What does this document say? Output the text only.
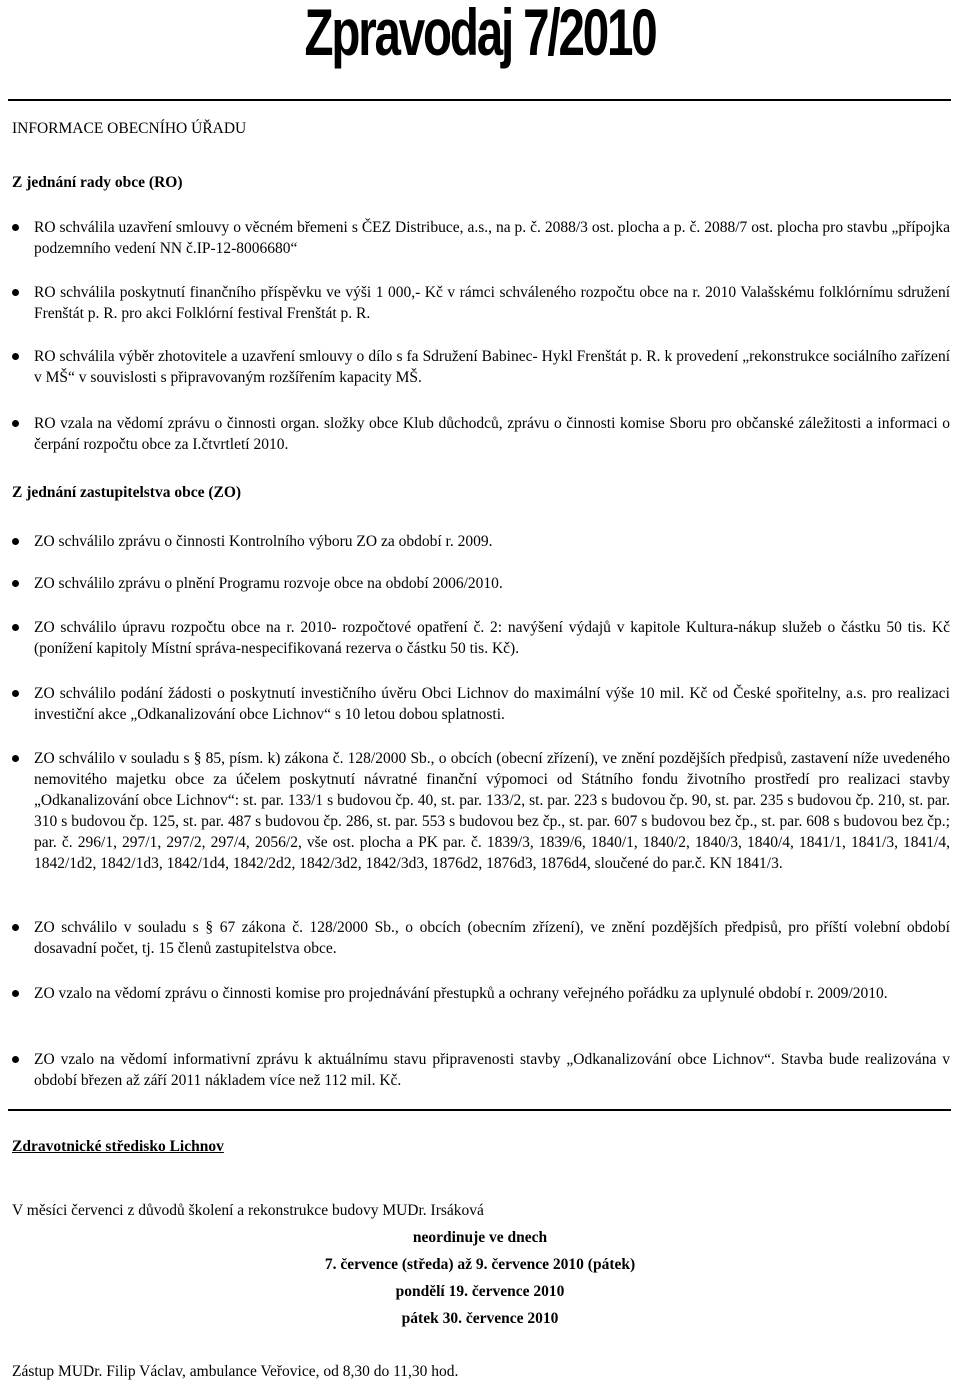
Zpravodaj 7/2010
INFORMACE OBECNÍHO ÚŘADU
Z jednání rady obce (RO)
RO schválila uzavření smlouvy o věcném břemeni s ČEZ Distribuce, a.s., na p. č. 2088/3 ost. plocha a p. č. 2088/7 ost. plocha pro stavbu „přípojka podzemního vedení NN č.IP-12-8006680“
RO schválila poskytnutí finančního příspěvku ve výši 1 000,- Kč v rámci schváleného rozpočtu obce na r. 2010 Valašskému folklórnímu sdružení Frenštát p. R. pro akci Folklórní festival Frenštát p. R.
RO schválila výběr zhotovitele a uzavření smlouvy o dílo s fa Sdružení Babinec- Hykl Frenštát p. R. k provedení „rekonstrukce sociálního zařízení v MŠ“ v souvislosti s připravovaným rozšířením kapacity MŠ.
RO vzala na vědomí zprávu o činnosti organ. složky obce Klub důchodců, zprávu o činnosti komise Sboru pro občanské záležitosti a informaci o čerpání rozpočtu obce za I.čtvrtletí 2010.
Z jednání zastupitelstva obce (ZO)
ZO schválilo zprávu o činnosti Kontrolního výboru ZO za období r. 2009.
ZO schválilo zprávu o plnění Programu rozvoje obce na období 2006/2010.
ZO schválilo úpravu rozpočtu obce na r. 2010- rozpočtové opatření č. 2: navýšení výdajů v kapitole Kultura-nákup služeb o částku 50 tis. Kč (ponížení kapitoly Místní správa-nespecifikovaná rezerva o částku 50 tis. Kč).
ZO schválilo podání žádosti o poskytnutí investičního úvěru Obci Lichnov do maximální výše 10 mil. Kč od České spořitelny, a.s. pro realizaci investiční akce „Odkanalizování obce Lichnov“ s 10 letou dobou splatnosti.
ZO schválilo v souladu s § 85, písm. k) zákona č. 128/2000 Sb., o obcích (obecní zřízení), ve znění pozdějších předpisů, zastavení níže uvedeného nemovitého majetku obce za účelem poskytnutí návratné finanční výpomoci od Státního fondu životního prostředí pro realizaci stavby „Odkanalizování obce Lichnov“: st. par. 133/1 s budovou čp. 40, st. par. 133/2, st. par. 223 s budovou čp. 90, st. par. 235 s budovou čp. 210, st. par. 310 s budovou čp. 125, st. par. 487 s budovou čp. 286, st. par. 553 s budovou bez čp., st. par. 607 s budovou bez čp., st. par. 608 s budovou bez čp.; par. č. 296/1, 297/1, 297/2, 297/4, 2056/2, vše ost. plocha a PK par. č. 1839/3, 1839/6, 1840/1, 1840/2, 1840/3, 1840/4, 1841/1, 1841/3, 1841/4, 1842/1d2, 1842/1d3, 1842/1d4, 1842/2d2, 1842/3d2, 1842/3d3, 1876d2, 1876d3, 1876d4, sloučené do par.č. KN 1841/3.
ZO schválilo v souladu s § 67 zákona č. 128/2000 Sb., o obcích (obecním zřízení), ve znění pozdějších předpisů, pro příští volební období dosavadní počet, tj. 15 členů zastupitelstva obce.
ZO vzalo na vědomí zprávu o činnosti komise pro projednávání přestupků a ochrany veřejného pořádku za uplynulé období r. 2009/2010.
ZO vzalo na vědomí informativní zprávu k aktuálnímu stavu připravenosti stavby „Odkanalizování obce Lichnov“. Stavba bude realizována v období březen až září 2011 nákladem více než 112 mil. Kč.
Zdravotnické středisko Lichnov
V měsíci červenci z důvodů školení a rekonstrukce budovy MUDr. Irsáková
neordinuje ve dnech
7. července (středa) až 9. července 2010 (pátek)
pondělí 19. července 2010
pátek 30. července 2010
Zástup MUDr. Filip Václav, ambulance Veřovice, od 8,30 do 11,30 hod.
